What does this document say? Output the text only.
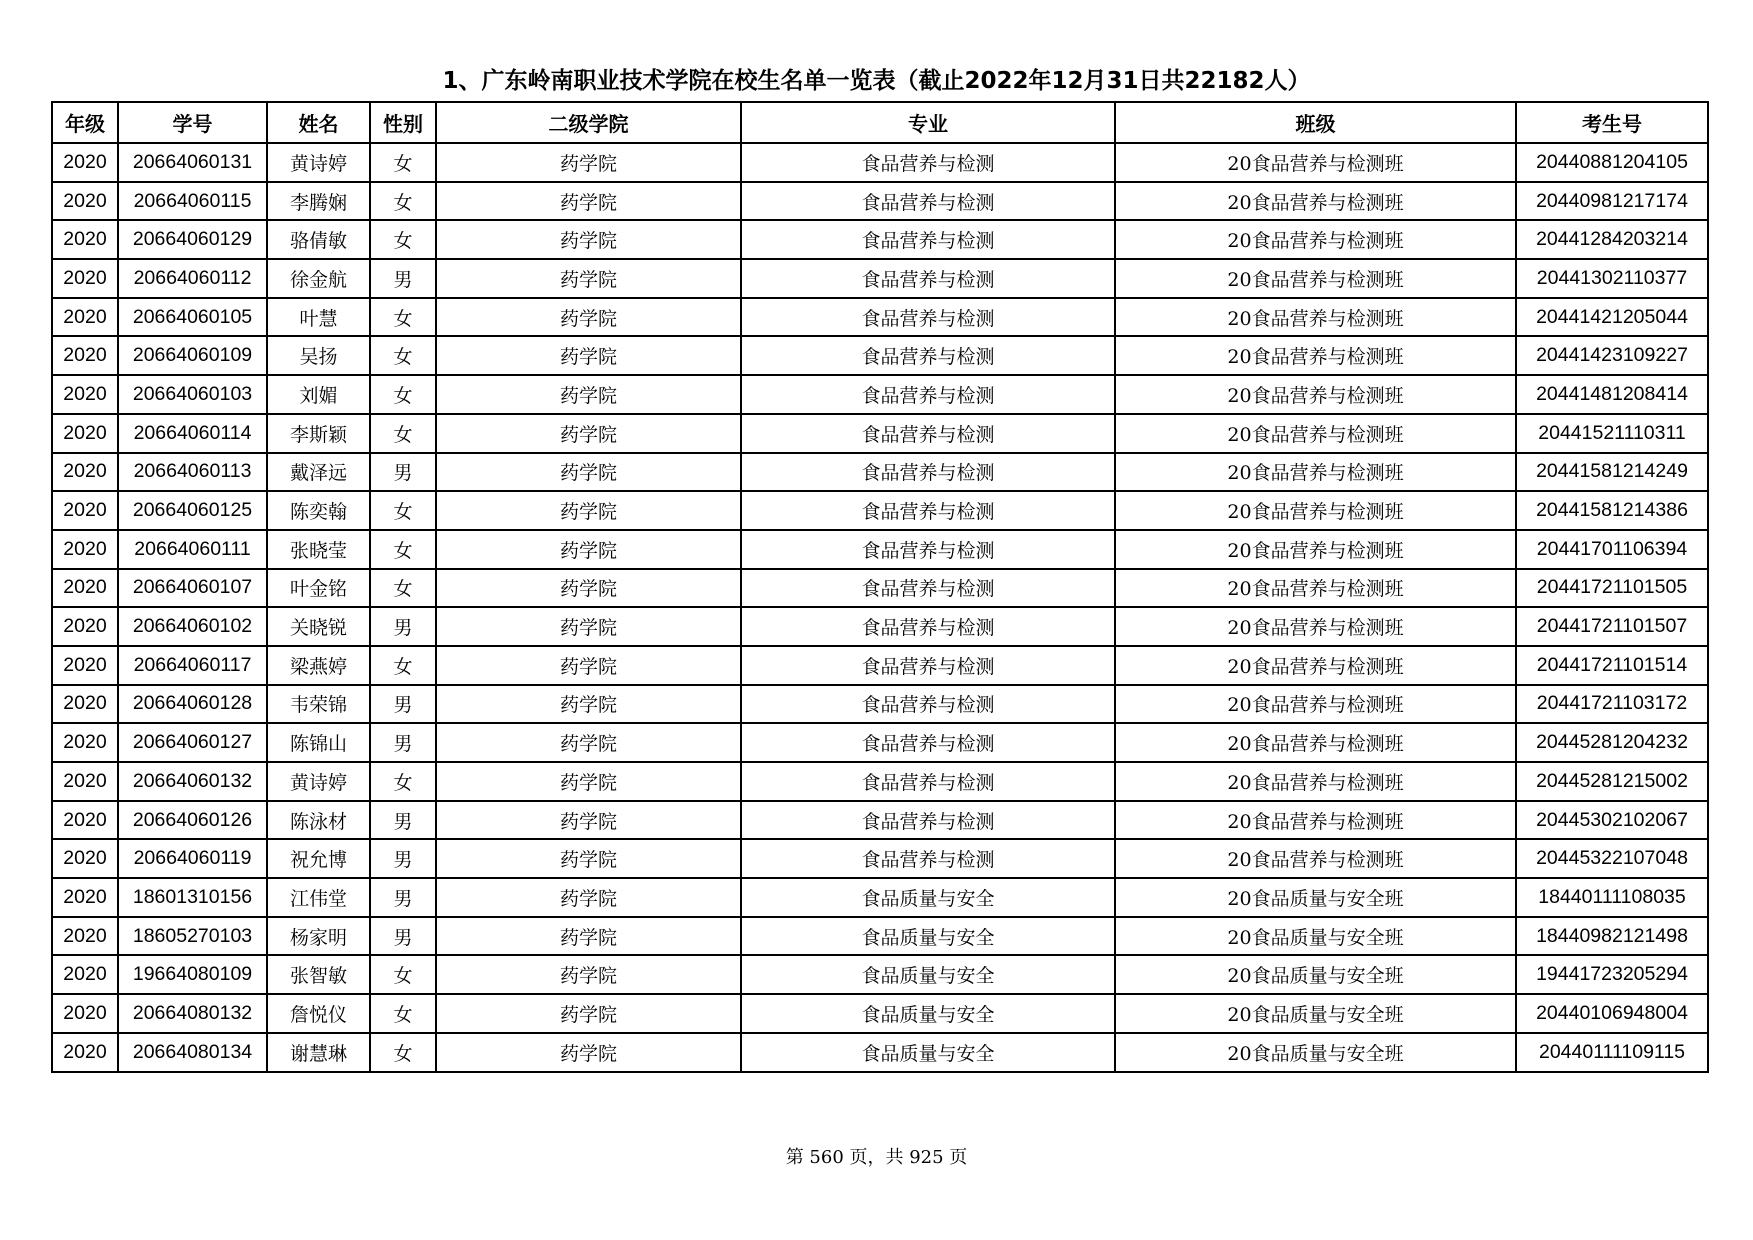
1、广东岭南职业技术学院在校生名单一览表（截止2022年12月31日共22182人）
年级	学号	姓名	性别	二级学院	专业	班级	考生号
2020	20664060131	黄诗婷	女	药学院	食品营养与检测	20食品营养与检测班	20440881204105
2020	20664060115	李腾娴	女	药学院	食品营养与检测	20食品营养与检测班	20440981217174
2020	20664060129	骆倩敏	女	药学院	食品营养与检测	20食品营养与检测班	20441284203214
2020	20664060112	徐金航	男	药学院	食品营养与检测	20食品营养与检测班	20441302110377
2020	20664060105	叶慧	女	药学院	食品营养与检测	20食品营养与检测班	20441421205044
2020	20664060109	吴扬	女	药学院	食品营养与检测	20食品营养与检测班	20441423109227
2020	20664060103	刘媚	女	药学院	食品营养与检测	20食品营养与检测班	20441481208414
2020	20664060114	李斯颖	女	药学院	食品营养与检测	20食品营养与检测班	20441521110311
2020	20664060113	戴泽远	男	药学院	食品营养与检测	20食品营养与检测班	20441581214249
2020	20664060125	陈奕翰	女	药学院	食品营养与检测	20食品营养与检测班	20441581214386
2020	20664060111	张晓莹	女	药学院	食品营养与检测	20食品营养与检测班	20441701106394
2020	20664060107	叶金铭	女	药学院	食品营养与检测	20食品营养与检测班	20441721101505
2020	20664060102	关晓锐	男	药学院	食品营养与检测	20食品营养与检测班	20441721101507
2020	20664060117	梁燕婷	女	药学院	食品营养与检测	20食品营养与检测班	20441721101514
2020	20664060128	韦荣锦	男	药学院	食品营养与检测	20食品营养与检测班	20441721103172
2020	20664060127	陈锦山	男	药学院	食品营养与检测	20食品营养与检测班	20445281204232
2020	20664060132	黄诗婷	女	药学院	食品营养与检测	20食品营养与检测班	20445281215002
2020	20664060126	陈泳材	男	药学院	食品营养与检测	20食品营养与检测班	20445302102067
2020	20664060119	祝允博	男	药学院	食品营养与检测	20食品营养与检测班	20445322107048
2020	18601310156	江伟堂	男	药学院	食品质量与安全	20食品质量与安全班	18440111108035
2020	18605270103	杨家明	男	药学院	食品质量与安全	20食品质量与安全班	18440982121498
2020	19664080109	张智敏	女	药学院	食品质量与安全	20食品质量与安全班	19441723205294
2020	20664080132	詹悦仪	女	药学院	食品质量与安全	20食品质量与安全班	20440106948004
2020	20664080134	谢慧琳	女	药学院	食品质量与安全	20食品质量与安全班	20440111109115
第 560 页，共 925 页
